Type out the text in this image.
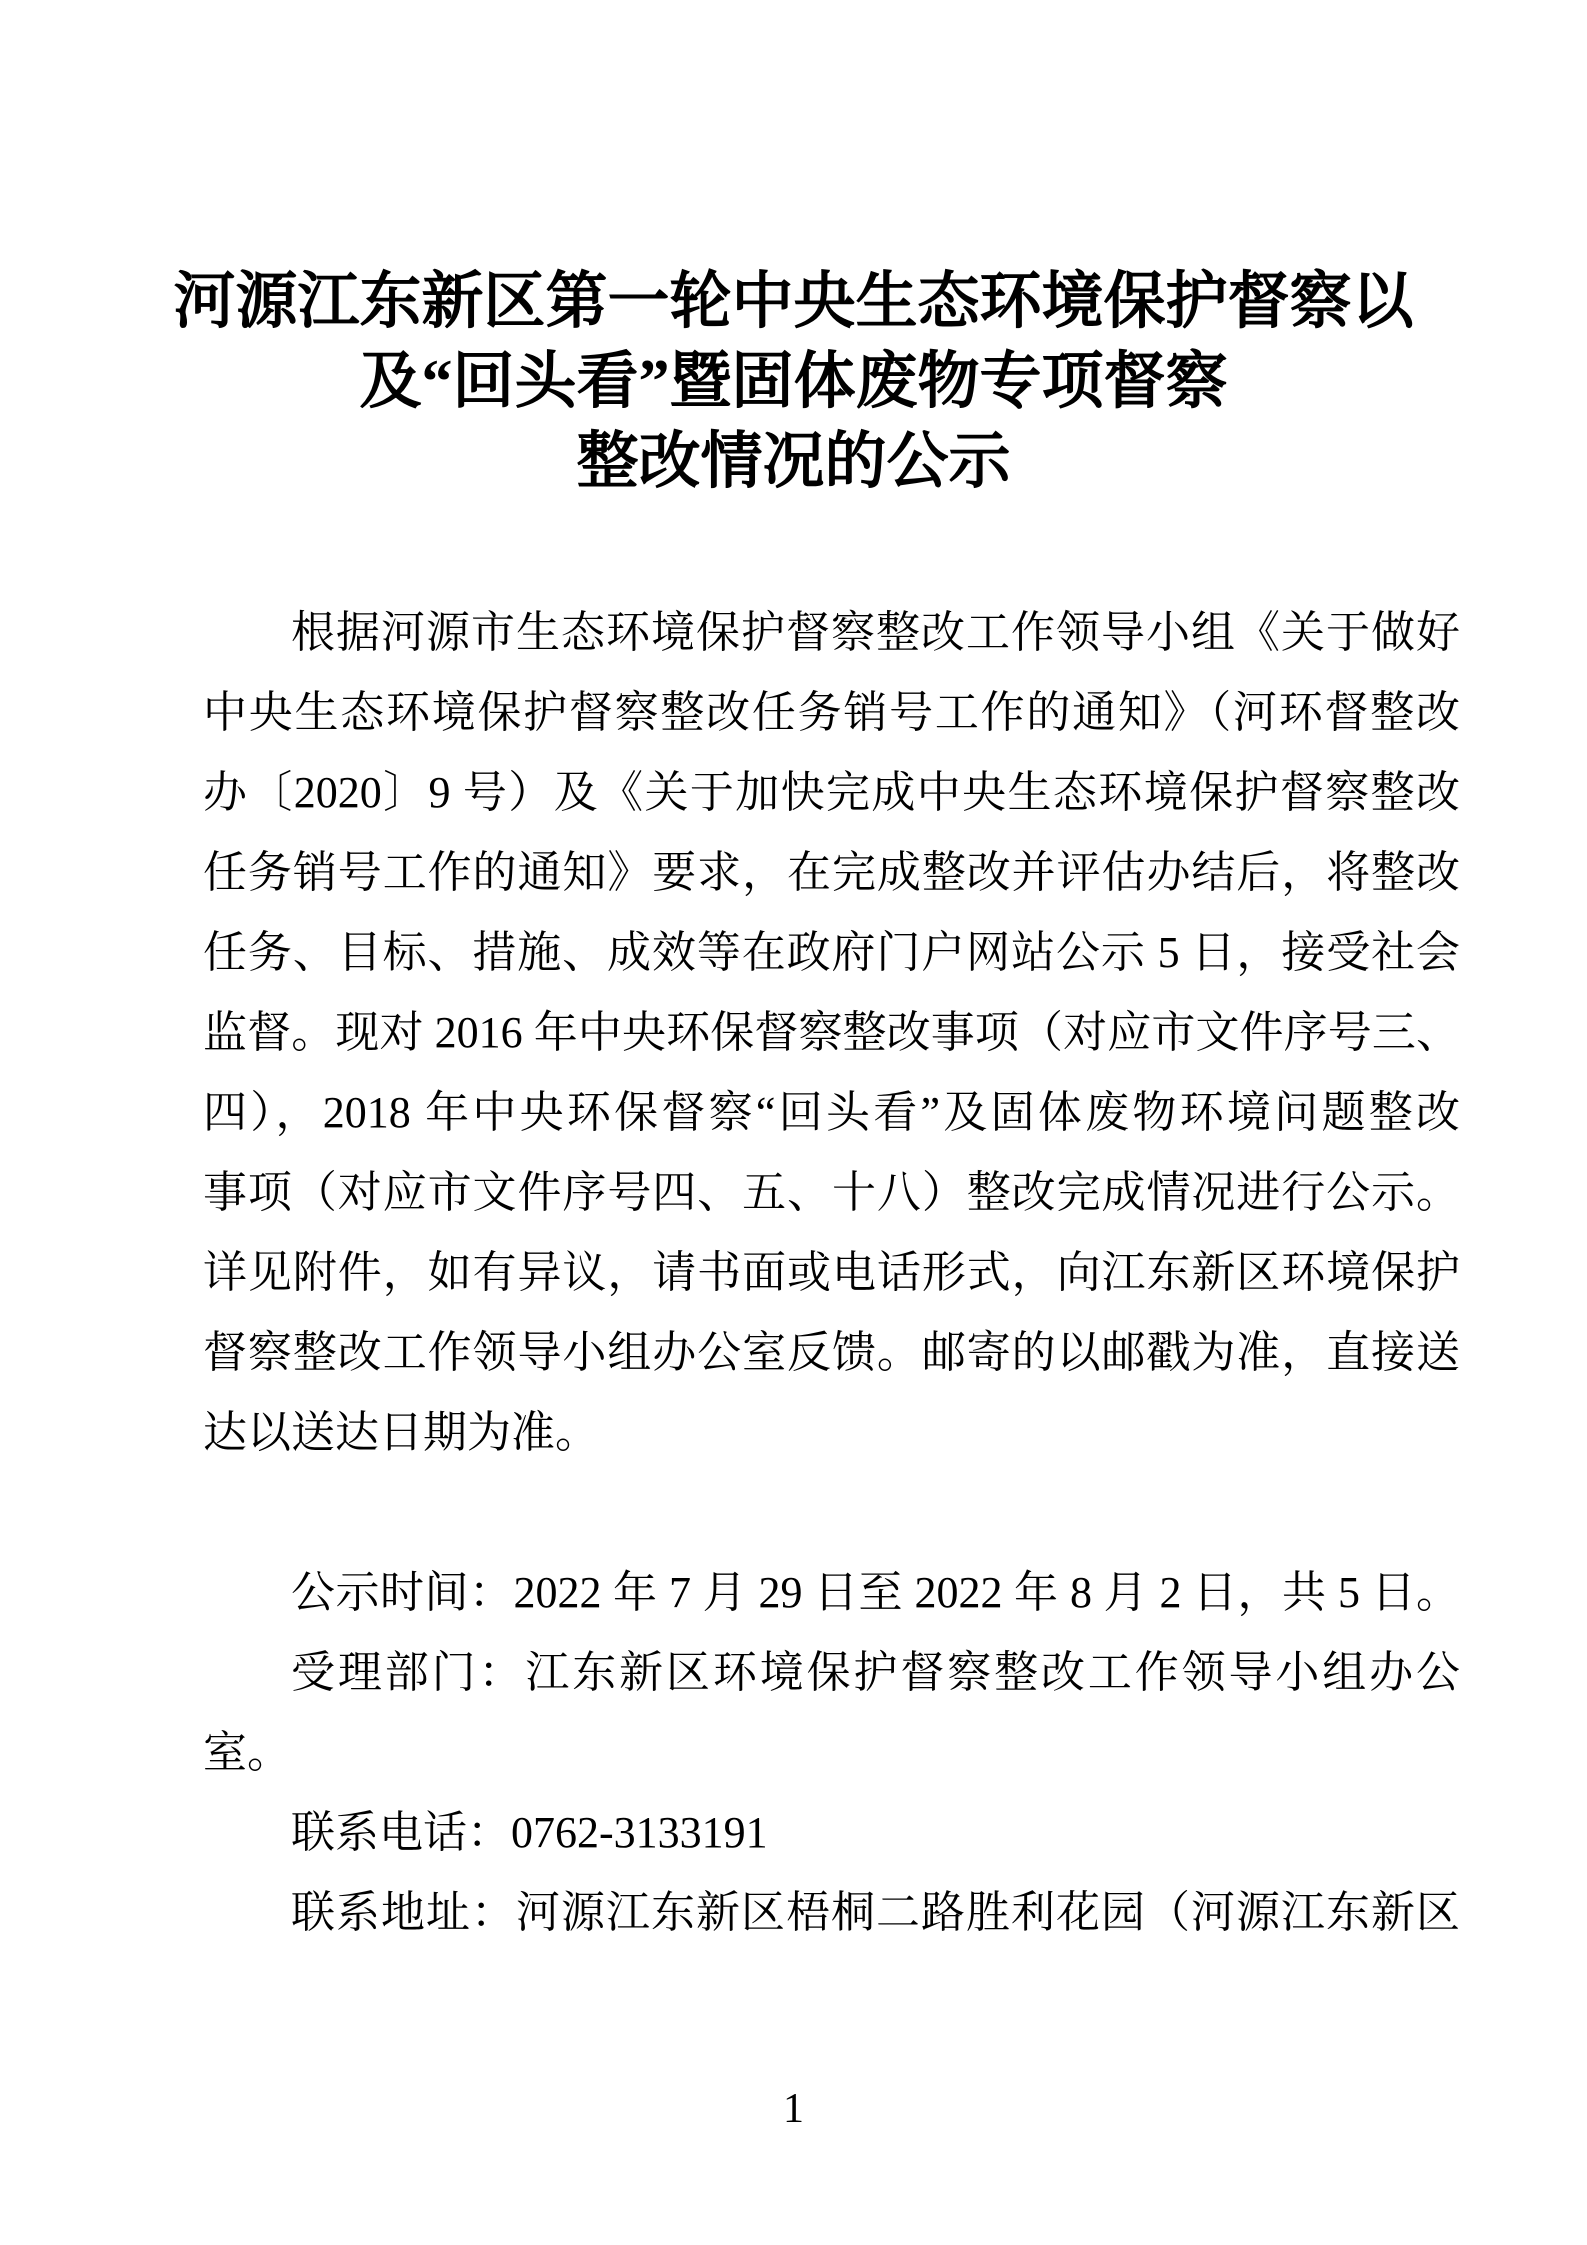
河源江东新区第一轮中央生态环境保护督察以
及“回头看”暨固体废物专项督察
整改情况的公示
根据河源市生态环境保护督察整改工作领导小组《关于做好
中央生态环境保护督察整改任务销号工作的通知》（河环督整改
办〔2020〕9 号）及《关于加快完成中央生态环境保护督察整改
任务销号工作的通知》要求，在完成整改并评估办结后，将整改
任务、目标、措施、成效等在政府门户网站公示 5 日，接受社会
监督。现对 2016 年中央环保督察整改事项（对应市文件序号三、
四），2018 年中央环保督察“回头看”及固体废物环境问题整改
事项（对应市文件序号四、五、十八）整改完成情况进行公示。
详见附件，如有异议，请书面或电话形式，向江东新区环境保护
督察整改工作领导小组办公室反馈。邮寄的以邮戳为准，直接送
达以送达日期为准。
公示时间：2022 年 7 月 29 日至 2022 年 8 月 2 日，共 5 日。
受理部门：江东新区环境保护督察整改工作领导小组办公
室。
联系电话：0762-3133191
联系地址：河源江东新区梧桐二路胜利花园（河源江东新区
1
